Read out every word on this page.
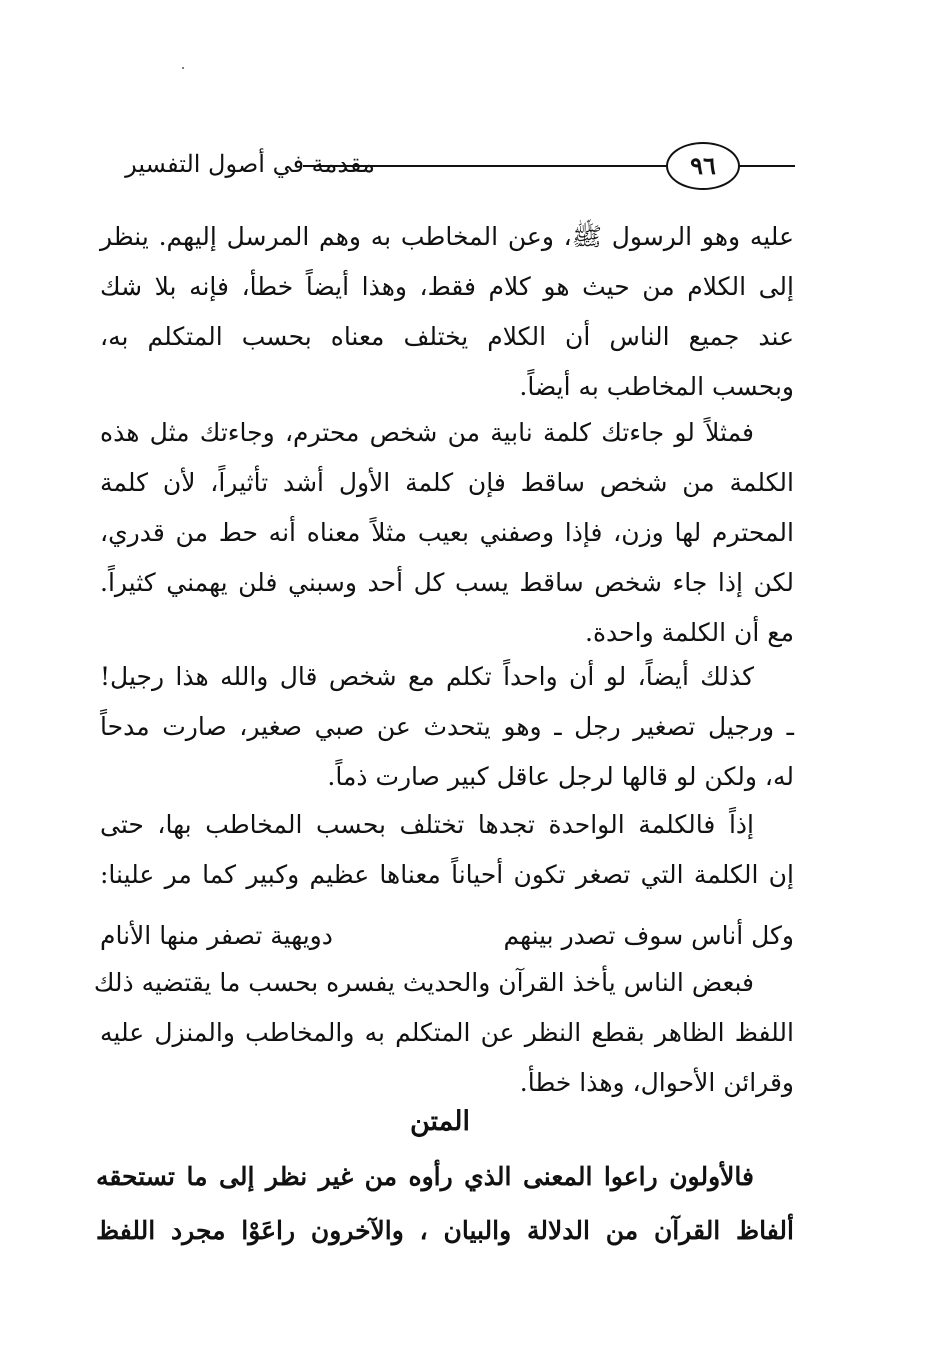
مقدمة في أصول التفسير	٩٦
عليه وهو الرسول ﷺ، وعن المخاطب به وهم المرسل إليهم. ينظر
إلى الكلام من حيث هو كلام فقط، وهذا أيضاً خطأ، فإنه بلا شك
عند جميع الناس أن الكلام يختلف معناه بحسب المتكلم به،
وبحسب المخاطب به أيضاً.
فمثلاً لو جاءتك كلمة نابية من شخص محترم، وجاءتك مثل هذه
الكلمة من شخص ساقط فإن كلمة الأول أشد تأثيراً، لأن كلمة
المحترم لها وزن، فإذا وصفني بعيب مثلاً معناه أنه حط من قدري،
لكن إذا جاء شخص ساقط يسب كل أحد وسبني فلن يهمني كثيراً.
مع أن الكلمة واحدة.
كذلك أيضاً، لو أن واحداً تكلم مع شخص قال والله هذا رجيل!
ـ ورجيل تصغير رجل ـ وهو يتحدث عن صبي صغير، صارت مدحاً
له، ولكن لو قالها لرجل عاقل كبير صارت ذماً.
إذاً فالكلمة الواحدة تجدها تختلف بحسب المخاطب بها، حتى
إن الكلمة التي تصغر تكون أحياناً معناها عظيم وكبير كما مر علينا:
وكل أناس سوف تصدر بينهم
دويهية تصفر منها الأنام
فبعض الناس يأخذ القرآن والحديث يفسره بحسب ما يقتضيه ذلك
اللفظ الظاهر بقطع النظر عن المتكلم به والمخاطب والمنزل عليه
وقرائن الأحوال، وهذا خطأ.
المتن
فالأولون راعوا المعنى الذي رأوه من غير نظر إلى ما تستحقه
ألفاظ القرآن من الدلالة والبيان ، والآخرون راعَوْا مجرد اللفظ
